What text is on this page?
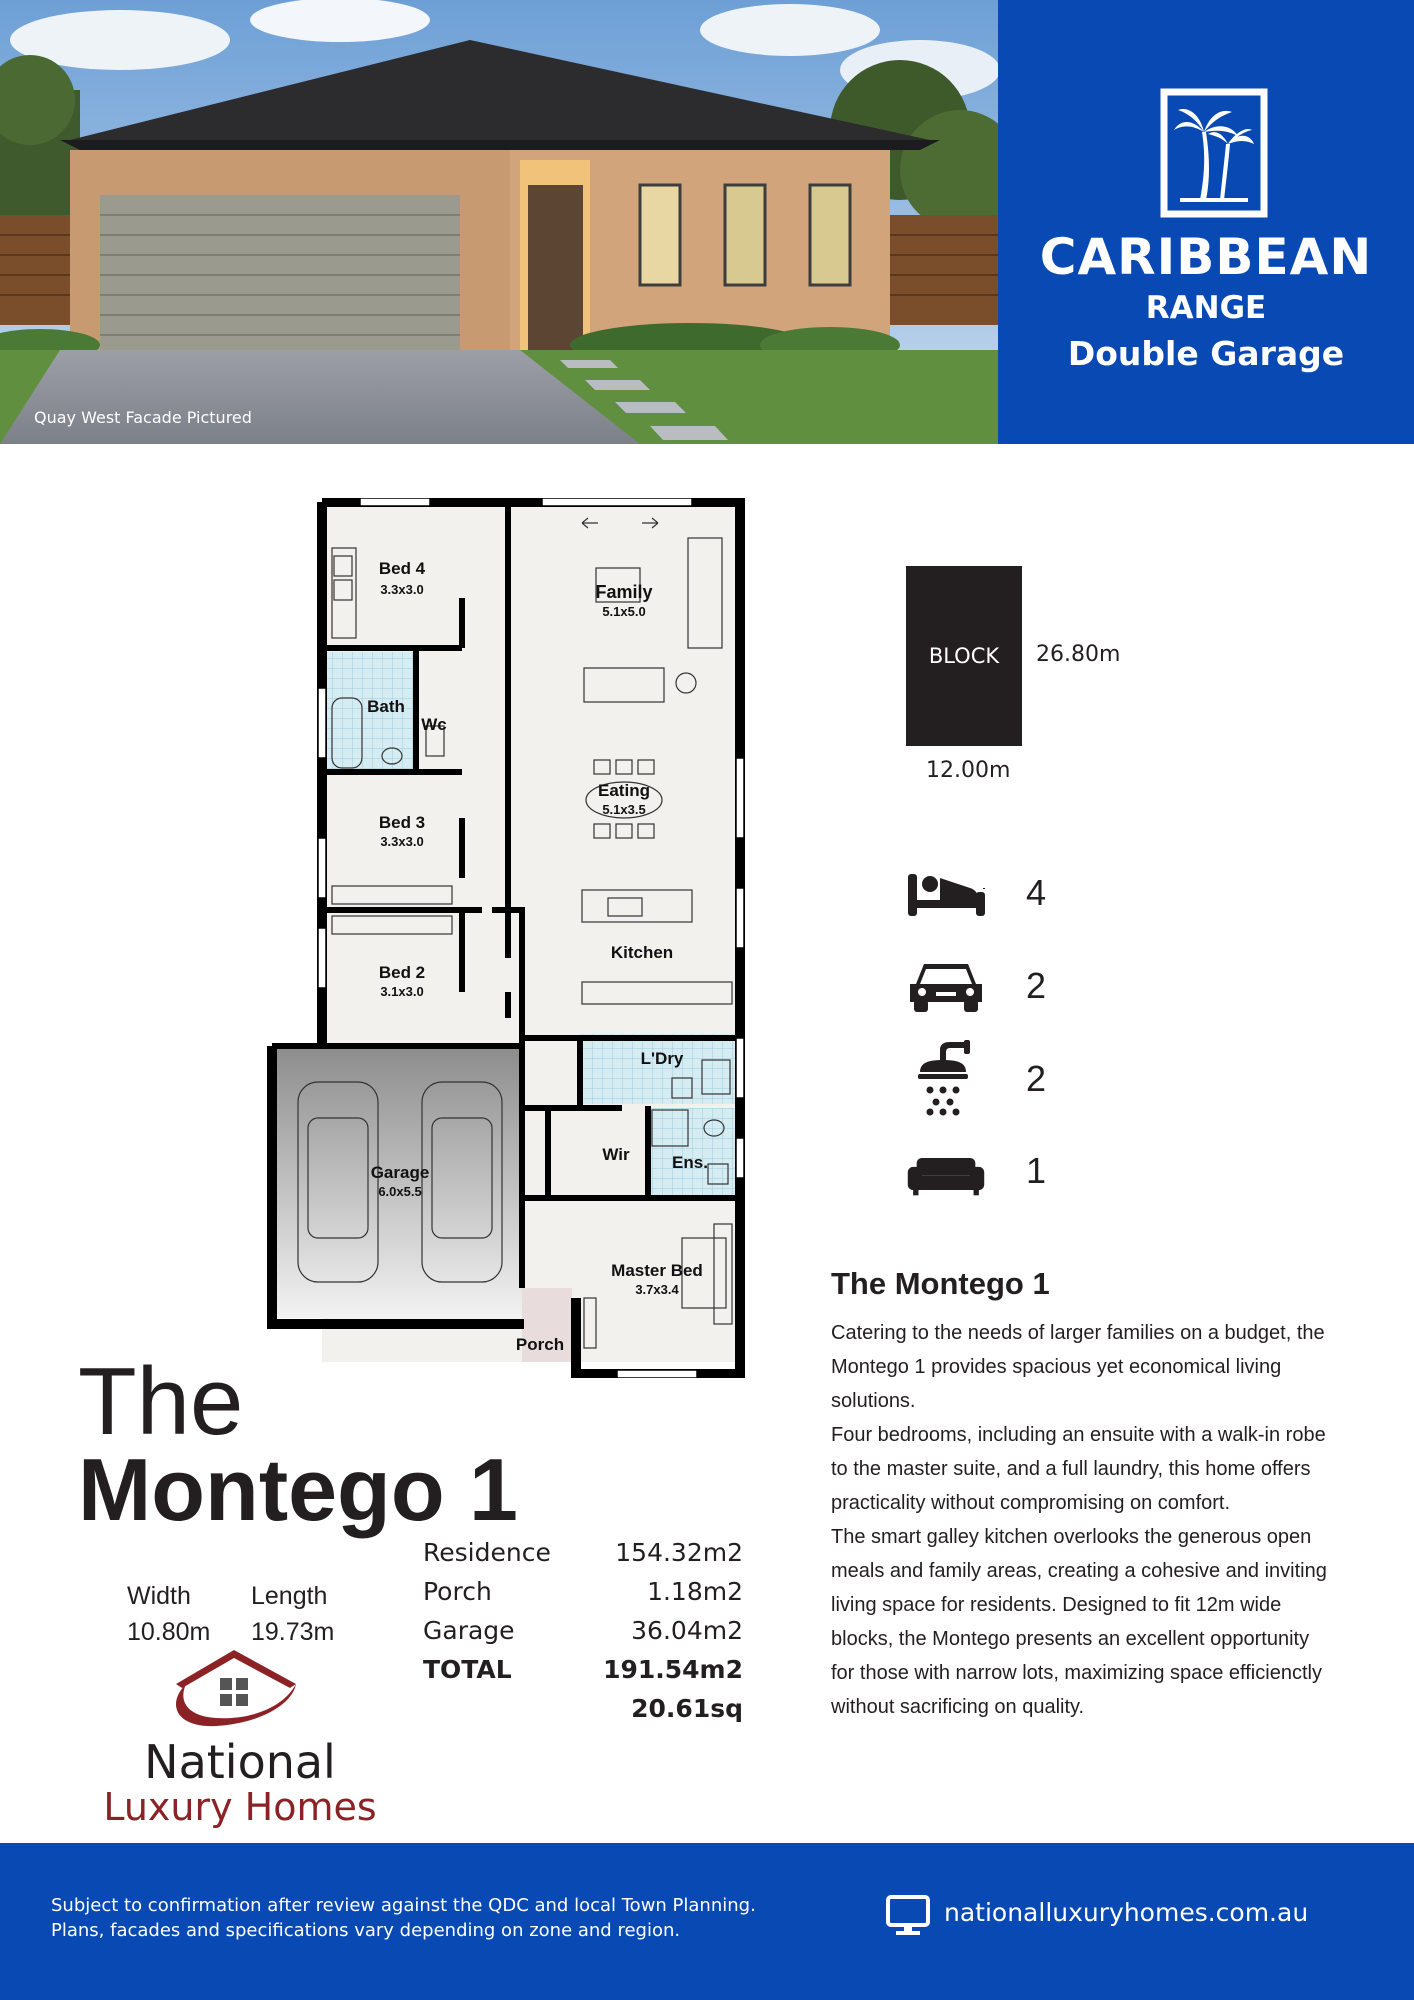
Quay West Facade Pictured
CARIBBEAN
RANGE
Double Garage
Bed 4
3.3x3.0	Family
5.1x5.0
Bath
Wc
Eating
5.1x3.5
Bed 3
3.3x3.0
Kitchen
Bed 2
3.1x3.0
L'Dry
Wir Ens.
Garage
6.0x5.5
Master Bed
3.7x3.4
Porch
BLOCK 26.80m
12.00m
4
2
2
1
The Montego 1

Catering to the needs of larger families on a budget, the Montego 1 provides spacious yet economical living solutions.

Four bedrooms, including an ensuite with a walk-in robe to the master suite, and a full laundry, this home offers practicality without compromising on comfort.

The smart galley kitchen overlooks the generous open meals and family areas, creating a cohesive and inviting living space for residents. Designed to fit 12m wide blocks, the Montego presents an excellent opportunity for those with narrow lots, maximizing space efficienctly without sacrificing on quality.

The
Montego 1
Width
10.80m
Length
19.73m
Residence	154.32m2
Porch	1.18m2
Garage	36.04m2
TOTAL	191.54m2
20.61sq
National
Luxury Homes
Subject to confirmation after review against the QDC and local Town Planning.
Plans, facades and specifications vary depending on zone and region.
nationalluxuryhomes.com.au
